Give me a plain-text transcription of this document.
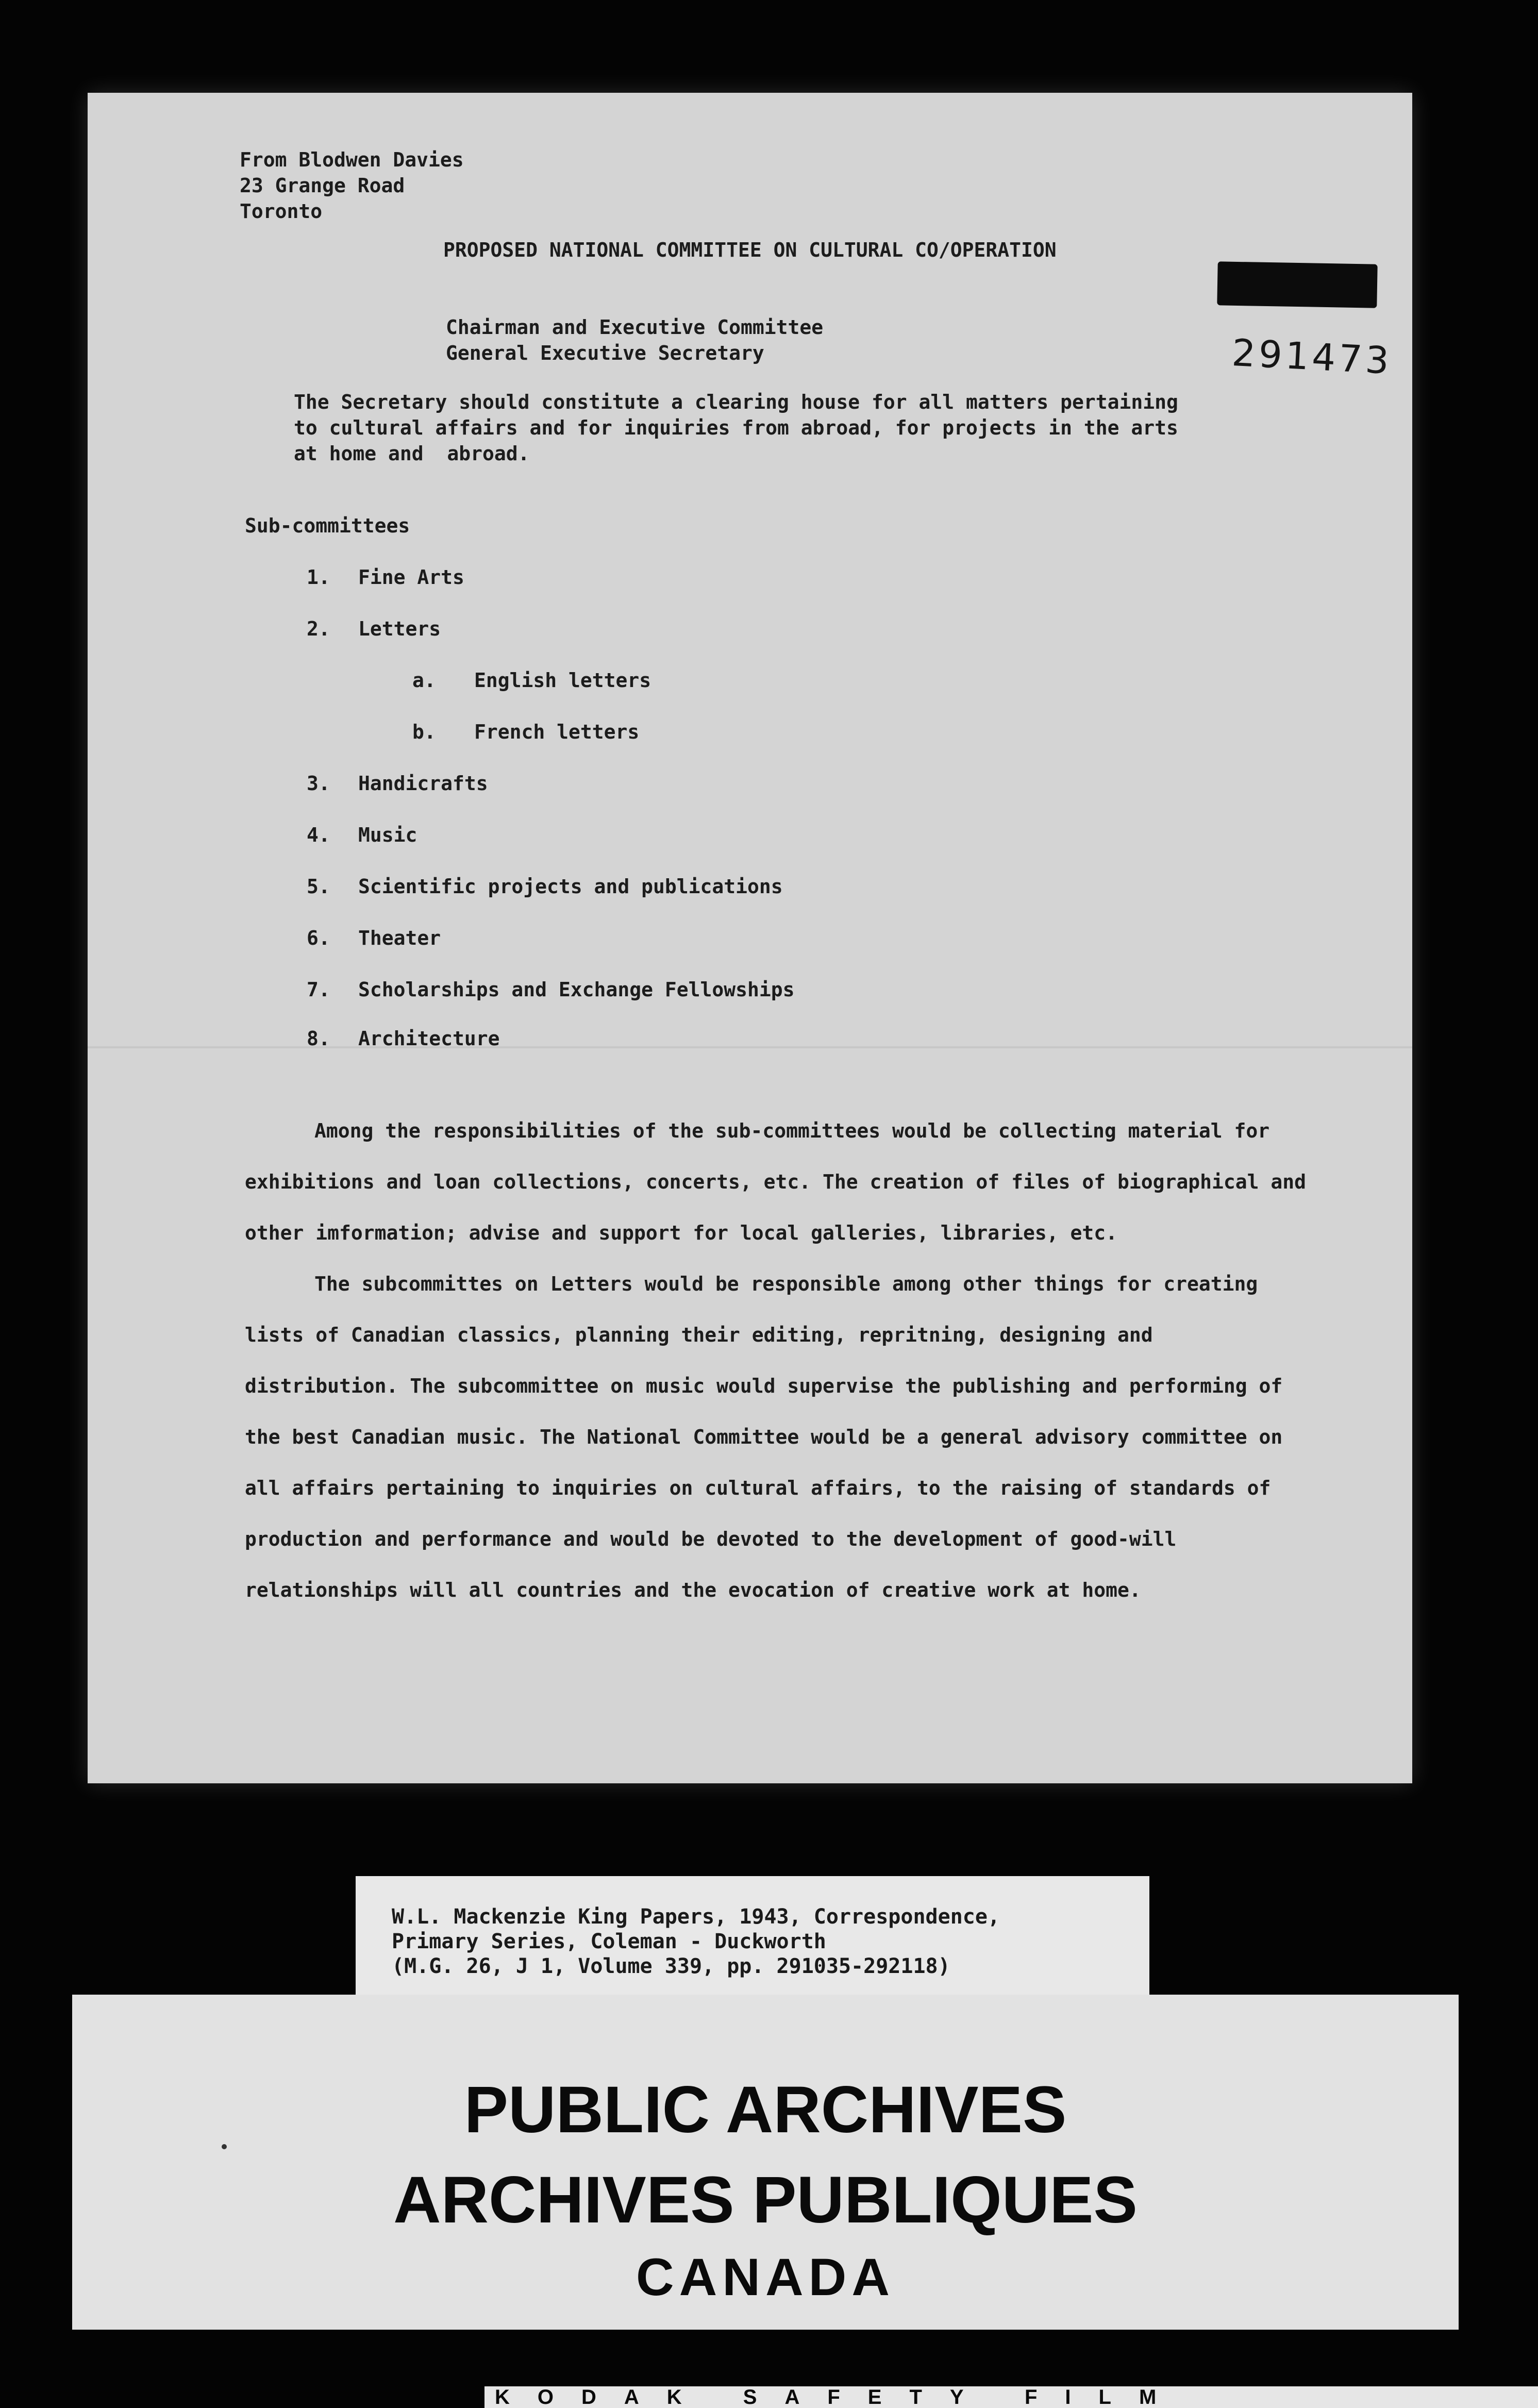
From Blodwen Davies
23 Grange Road
Toronto
PROPOSED NATIONAL COMMITTEE ON CULTURAL CO/OPERATION
291473
Chairman and Executive Committee
General Executive Secretary
The Secretary should constitute a clearing house for all matters pertaining
to cultural affairs and for inquiries from abroad, for projects in the arts
at home and  abroad.
Sub-committees
1. Fine Arts
2. Letters
a. English letters
b. French letters
3. Handicrafts
4. Music
5. Scientific projects and publications
6. Theater
7. Scholarships and Exchange Fellowships
8. Architecture

Among the responsibilities of the sub-committees would be collecting material for exhibitions and loan collections, concerts, etc. The creation of files of biographical and other imformation; advise and support for local galleries, libraries, etc.

The subcommittes on Letters would be responsible among other things for creating lists of Canadian classics, planning their editing, repritning, designing and distribution. The subcommittee on music would supervise the publishing and performing of the best Canadian music. The National Committee would be a general advisory committee on all affairs pertaining to inquiries on cultural affairs, to the raising of standards of production and performance and would be devoted to the development of good-will relationships will all countries and the evocation of creative work at home.

W.L. Mackenzie King Papers, 1943, Correspondence,
Primary Series, Coleman - Duckworth
(M.G. 26, J 1, Volume 339, pp. 291035-292118)
PUBLIC ARCHIVES
ARCHIVES PUBLIQUES
CANADA
KODAK SAFETY FILM
